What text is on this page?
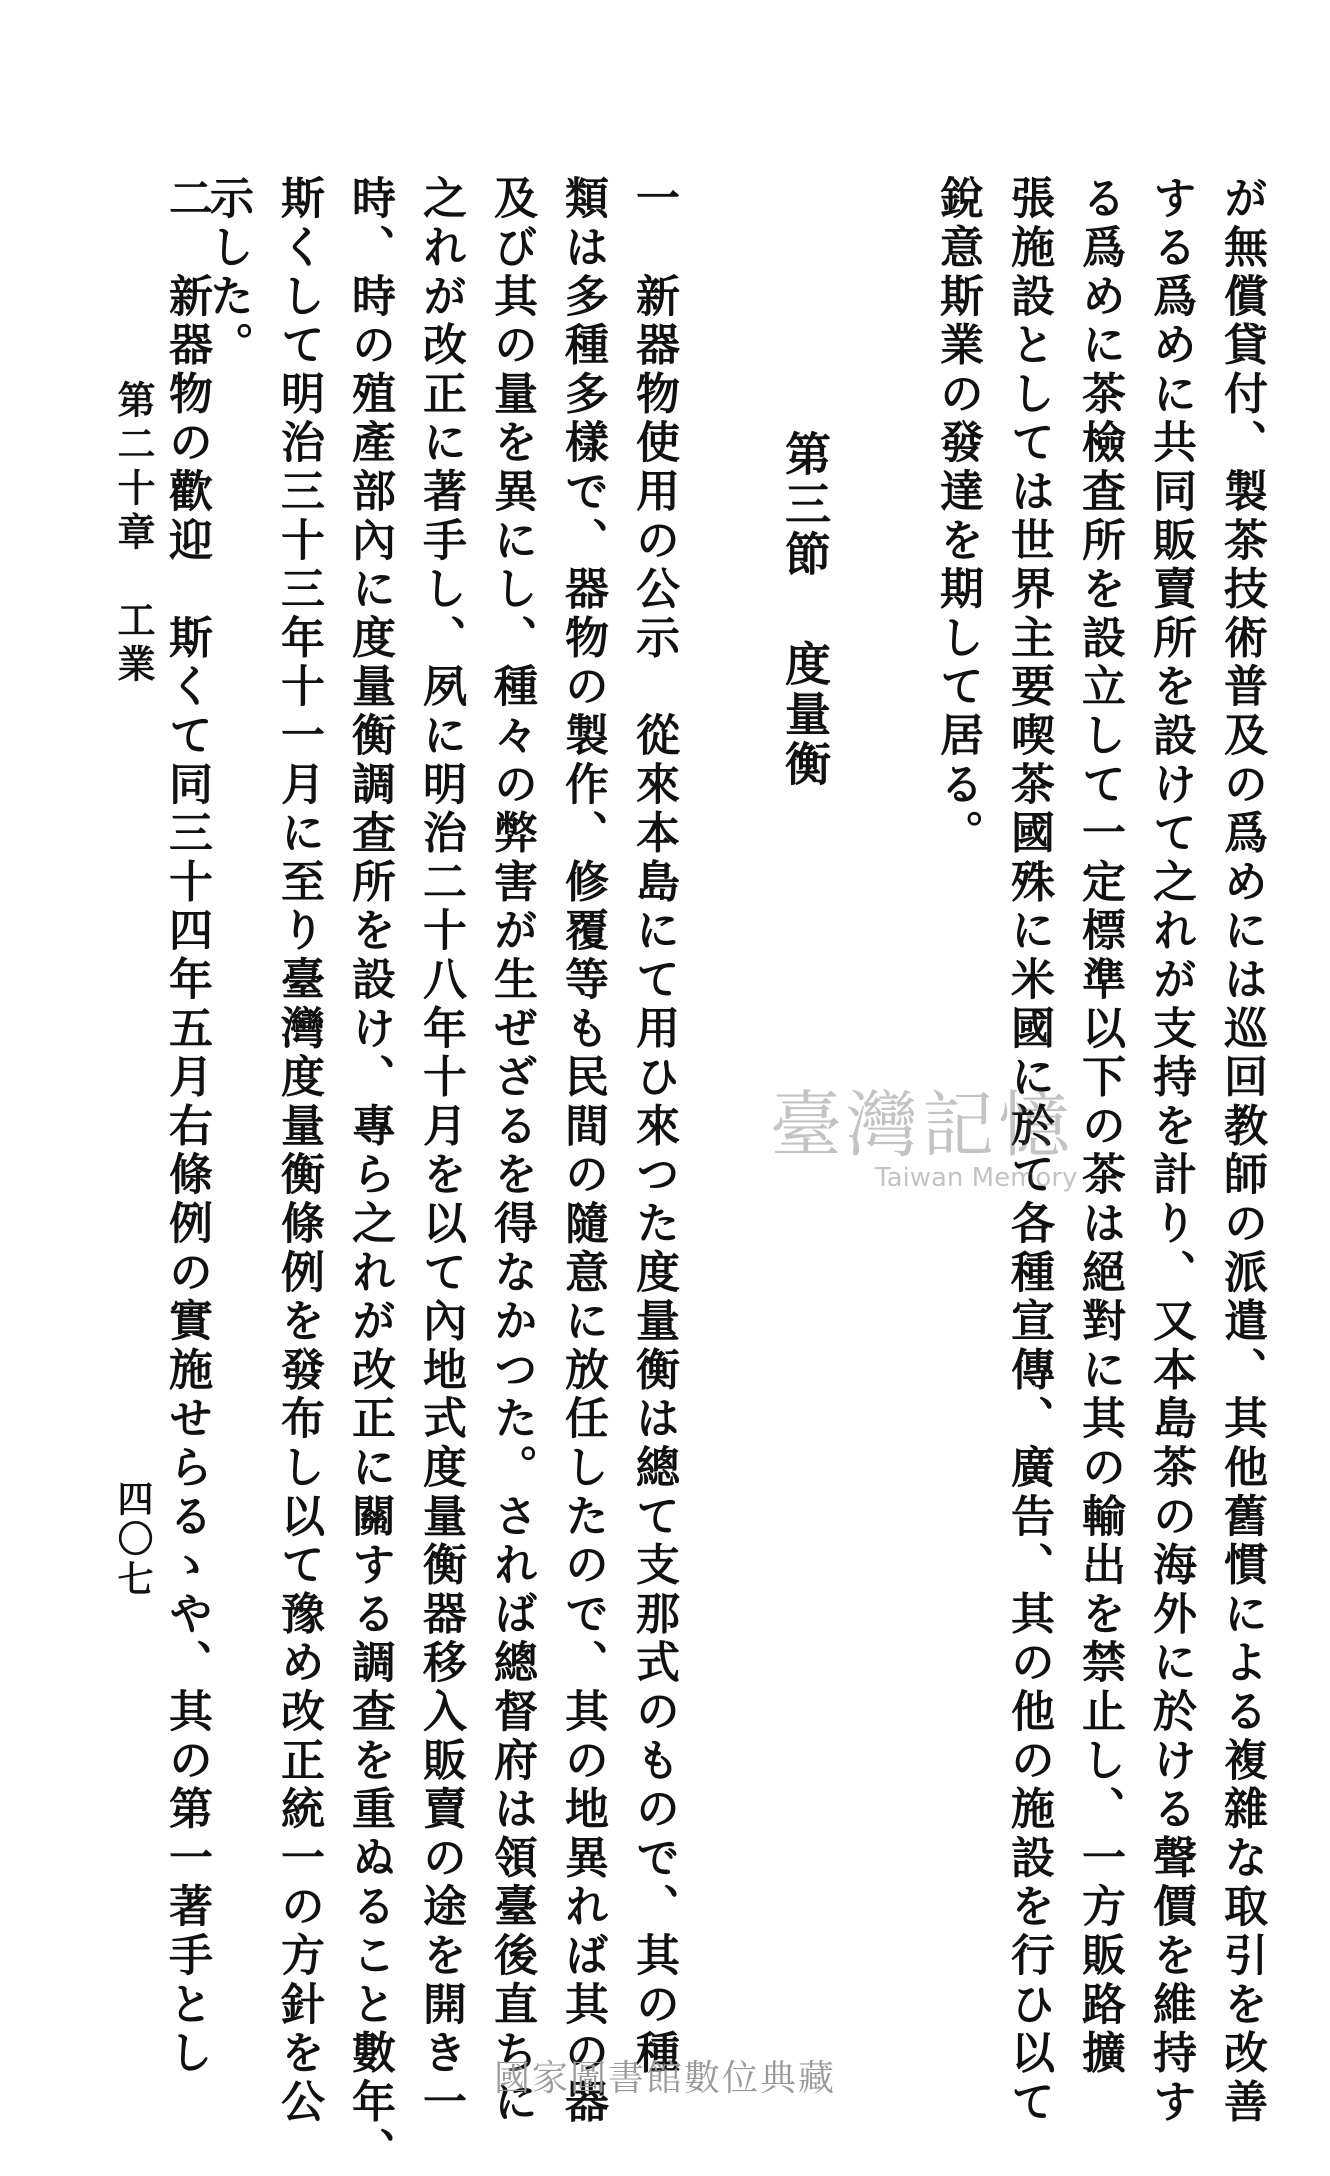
が無償貸付、製茶技術普及の爲めには巡回教師の派遣、其他舊慣による複雜な取引を改善
する爲めに共同販賣所を設けて之れが支持を計り、又本島茶の海外に於ける聲價を維持す
る爲めに茶檢査所を設立して一定標準以下の茶は絕對に其の輸出を禁止し、一方販路擴
張施設としては世界主要喫茶國殊に米國に於て各種宣傳、廣告、其の他の施設を行ひ以て
銳意斯業の發達を期して居る。
第三節度量衡
一　新器物使用の公示　從來本島にて用ひ來つた度量衡は總て支那式のもので、其の種
類は多種多樣で、器物の製作、修覆等も民間の隨意に放任したので、其の地異れば其の器
及び其の量を異にし、種々の弊害が生ぜざるを得なかつた。されば總督府は領臺後直ちに
之れが改正に著手し、夙に明治二十八年十月を以て內地式度量衡器移入販賣の途を開き一
時、時の殖產部內に度量衡調查所を設け、專ら之れが改正に關する調查を重ぬること數年、
斯くして明治三十三年十一月に至り臺灣度量衡條例を發布し以て豫め改正統一の方針を公
示した。
二　新器物の歡迎　斯くて同三十四年五月右條例の實施せらるゝや、其の第一著手とし
第二十章　工業
四〇七
臺灣記憶
Taiwan Memory
國家圖書館數位典藏
